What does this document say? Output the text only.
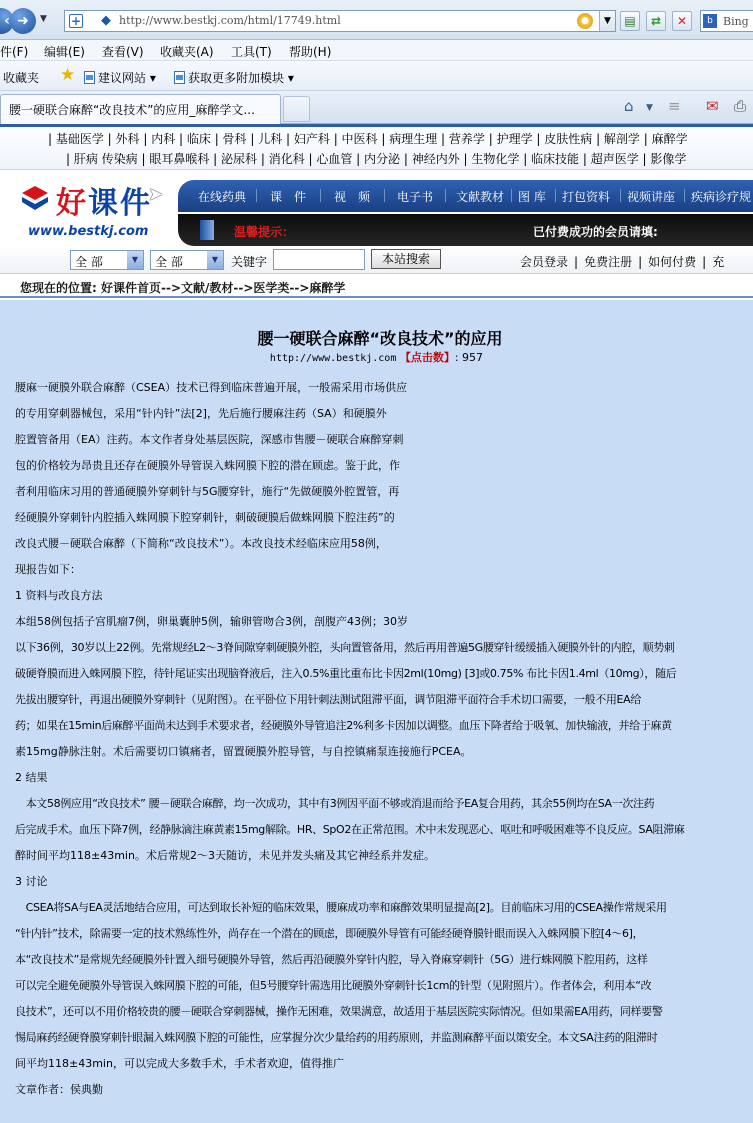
‹ ➜	▼ + ◆ http://www.bestkj.com/html/17749.html	●	▼	▤	⇄	✕	b Bing
件(F) 编辑(E) 查看(V) 收藏夹(A) 工具(T) 帮助(H)
收藏夹 ★	建议网站 ▾	获取更多附加模块 ▾
腰一硬联合麻醉“改良技术”的应用_麻醉学文...	⌂ ▼ ≡ ✉ ⎙
| 基础医学 | 外科 | 内科 | 临床 | 骨科 | 儿科 | 妇产科 | 中医科 | 病理生理 | 营养学 | 护理学 | 皮肤性病 | 解剖学 | 麻醉学
| 肝病 传染病 | 眼耳鼻喉科 | 泌尿科 | 消化科 | 心血管 | 内分泌 | 神经内外 | 生物化学 | 临床技能 | 超声医学 | 影像学
好课件
www.bestkj.com
➤	在线药典 课　件 视　频 电子书 文献教材 图 库 打包资料 视频讲座 疾病诊疗规
温馨提示：	已付费成功的会员请填:
全 部	▼	全 部	▼	关键字	本站搜索	会员登录 | 免费注册 | 如何付费 | 充
您现在的位置: 好课件首页-->文献/教材-->医学类-->麻醉学
腰一硬联合麻醉“改良技术”的应用
http://www.bestkj.com 【点击数】: 957
腰麻一硬膜外联合麻醉（CSEA）技术已得到临床普遍开展，一般需采用市场供应
的专用穿刺器械包，采用“针内针”法[2]，先后施行腰麻注药（SA）和硬膜外
腔置管备用（EA）注药。本文作者身处基层医院，深感市售腰－硬联合麻醉穿刺
包的价格较为昂贵且还存在硬膜外导管误入蛛网膜下腔的潜在顾虑。鉴于此，作
者利用临床习用的普通硬膜外穿刺针与5G腰穿针，施行“先做硬膜外腔置管，再
经硬膜外穿刺针内腔插入蛛网膜下腔穿刺针，刺破硬膜后做蛛网膜下腔注药”的
改良式腰－硬联合麻醉（下简称“改良技术”）。本改良技术经临床应用58例，
现报告如下：
1 资料与改良方法
本组58例包括子宫肌瘤7例，卵巢囊肿5例，输卵管吻合3例，剖腹产43例；30岁
以下36例，30岁以上22例。先常规经L2～3脊间隙穿刺硬膜外腔，头向置管备用，然后再用普遍5G腰穿针缓缓插入硬膜外针的内腔，顺势刺
破硬脊膜而进入蛛网膜下腔，待针尾证实出现脑脊液后，注入0.5%重比重布比卡因2ml(10mg) [3]或0.75% 布比卡因1.4ml（10mg），随后
先拔出腰穿针，再退出硬膜外穿刺针（见附图）。在平卧位下用针刺法测试阻滞平面，调节阻滞平面符合手术切口需要，一般不用EA给
药；如果在15min后麻醉平面尚未达到手术要求者，经硬膜外导管追注2%利多卡因加以调整。血压下降者给于吸氧、加快输液，并给于麻黄
素15mg静脉注射。术后需要切口镇痛者，留置硬膜外腔导管，与自控镇痛泵连接施行PCEA。
2 结果
　本文58例应用“改良技术” 腰－硬联合麻醉，均一次成功，其中有3例因平面不够或消退而给予EA复合用药，其余55例均在SA一次注药
后完成手术。血压下降7例，经静脉滴注麻黄素15mg解除。HR、SpO2在正常范围。术中未发现恶心、呕吐和呼吸困难等不良反应。SA阻滞麻
醉时间平均118±43min。术后常规2～3天随访，未见并发头痛及其它神经系并发症。
3 讨论
　CSEA将SA与EA灵活地结合应用，可达到取长补短的临床效果，腰麻成功率和麻醉效果明显提高[2]。目前临床习用的CSEA操作常规采用
“针内针”技术，除需要一定的技术熟练性外，尚存在一个潜在的顾虑，即硬膜外导管有可能经硬脊膜针眼而误入入蛛网膜下腔[4～6]，
本“改良技术”是常规先经硬膜外针置入细号硬膜外导管，然后再沿硬膜外穿针内腔，导入脊麻穿刺针（5G）进行蛛网膜下腔用药，这样
可以完全避免硬膜外导管误入蛛网膜下腔的可能，但5号腰穿针需选用比硬膜外穿刺针长1cm的针型（见附照片）。作者体会，利用本“改
良技术”，还可以不用价格较贵的腰－硬联合穿刺器械，操作无困难，效果满意，故适用于基层医院实际情况。但如果需EA用药，同样要警
惕局麻药经硬脊膜穿刺针眼漏入蛛网膜下腔的可能性，应掌握分次少量给药的用药原则，并监测麻醉平面以策安全。本文SA注药的阻滞时
间平均118±43min，可以完成大多数手术，手术者欢迎，值得推广
文章作者：侯典勤
